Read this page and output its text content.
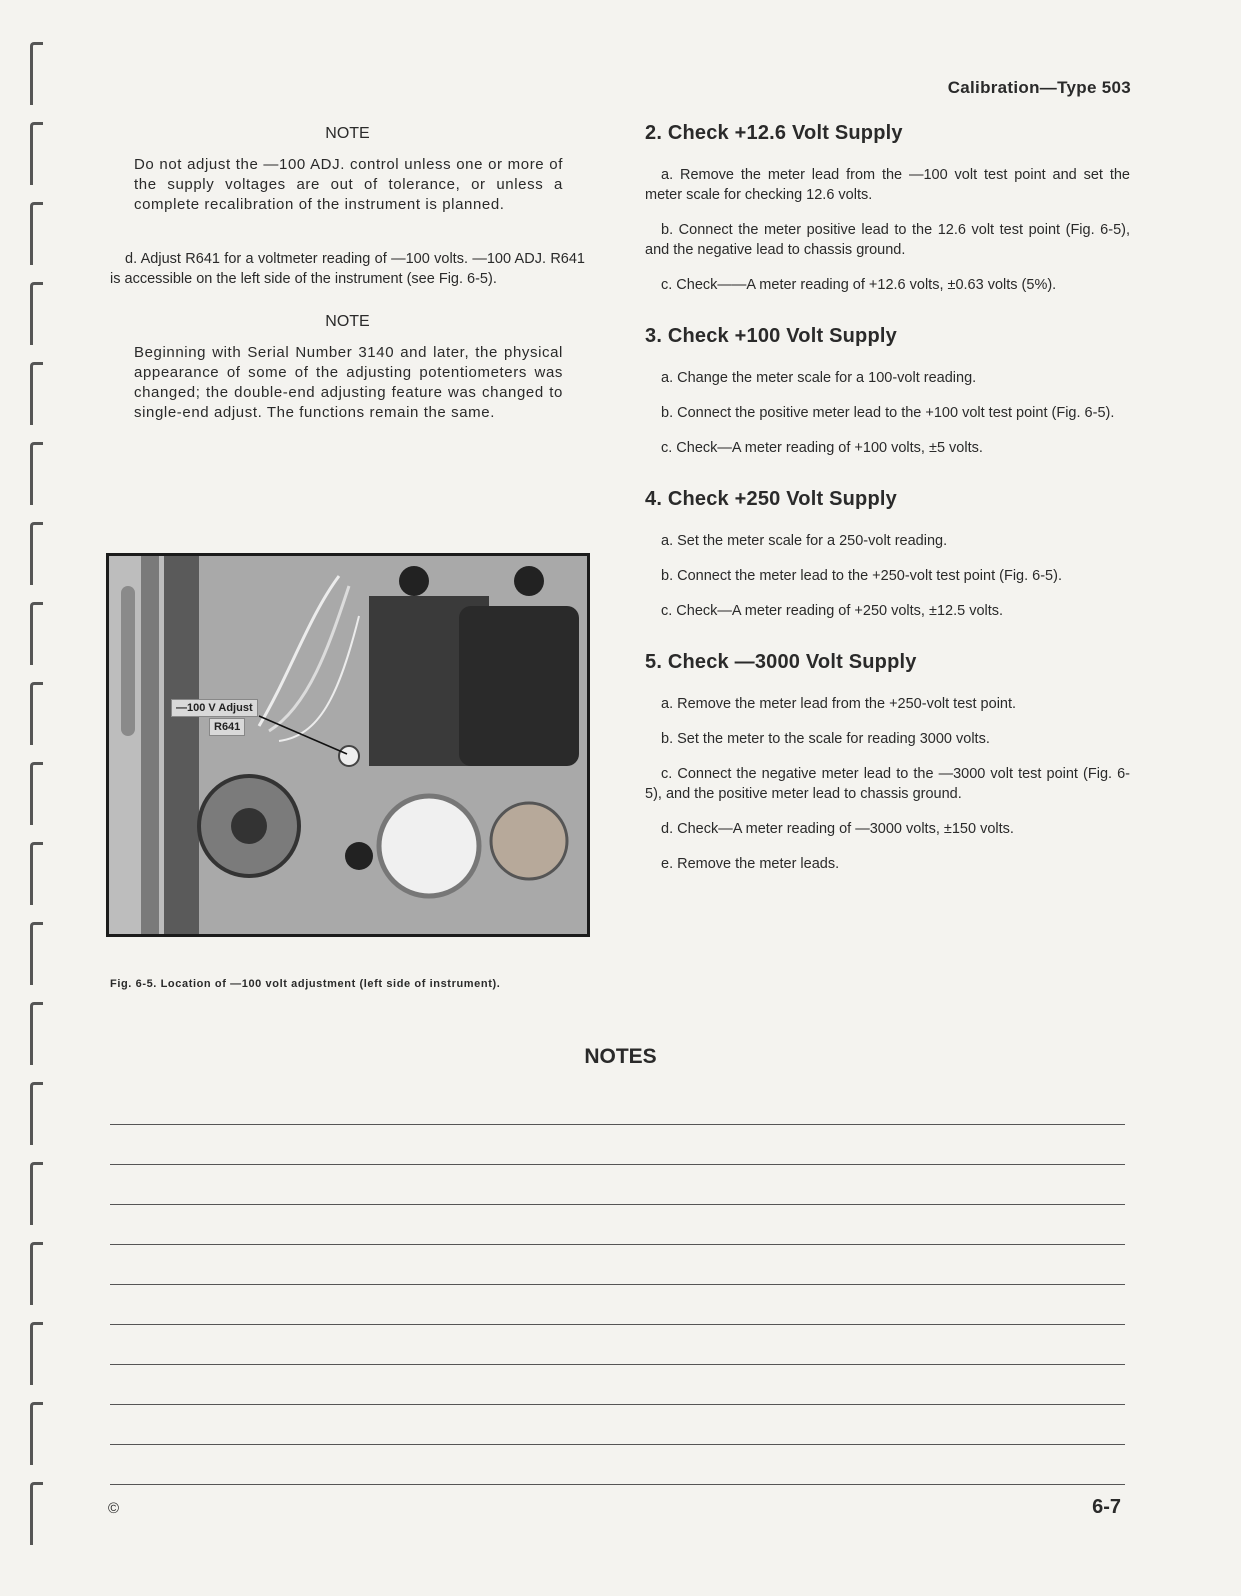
Calibration—Type 503
NOTE

Do not adjust the —100 ADJ. control unless one or more of the supply voltages are out of tolerance, or unless a complete recalibration of the instrument is planned.

d. Adjust R641 for a voltmeter reading of —100 volts. —100 ADJ. R641 is accessible on the left side of the instrument (see Fig. 6-5).

NOTE

Beginning with Serial Number 3140 and later, the physical appearance of some of the adjusting potentiometers was changed; the double-end adjusting feature was changed to single-end adjust. The functions remain the same.

—100 V Adjust
R641
Fig. 6-5. Location of —100 volt adjustment (left side of instrument).
2. Check +12.6 Volt Supply

a. Remove the meter lead from the —100 volt test point and set the meter scale for checking 12.6 volts.

b. Connect the meter positive lead to the 12.6 volt test point (Fig. 6-5), and the negative lead to chassis ground.

c. Check——A meter reading of +12.6 volts, ±0.63 volts (5%).

3. Check +100 Volt Supply

a. Change the meter scale for a 100-volt reading.

b. Connect the positive meter lead to the +100 volt test point (Fig. 6-5).

c. Check—A meter reading of +100 volts, ±5 volts.

4. Check +250 Volt Supply

a. Set the meter scale for a 250-volt reading.

b. Connect the meter lead to the +250-volt test point (Fig. 6-5).

c. Check—A meter reading of +250 volts, ±12.5 volts.

5. Check —3000 Volt Supply

a. Remove the meter lead from the +250-volt test point.

b. Set the meter to the scale for reading 3000 volts.

c. Connect the negative meter lead to the —3000 volt test point (Fig. 6-5), and the positive meter lead to chassis ground.

d. Check—A meter reading of —3000 volts, ±150 volts.

e. Remove the meter leads.

NOTES
©	6-7
